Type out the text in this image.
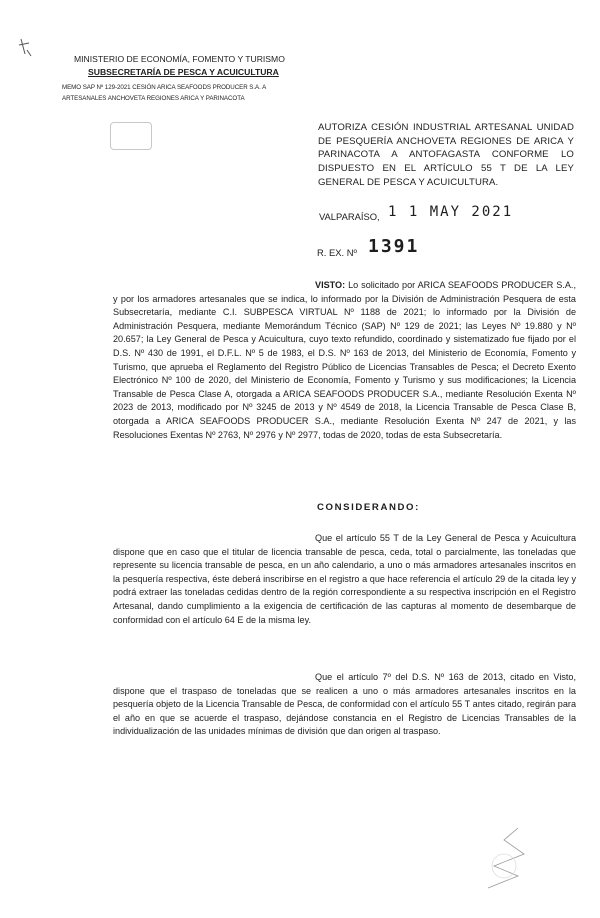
MINISTERIO DE ECONOMÍA, FOMENTO Y TURISMO
SUBSECRETARÍA DE PESCA Y ACUICULTURA
MEMO SAP Nº 129-2021 CESIÓN ARICA SEAFOODS PRODUCER S.A. A
ARTESANALES ANCHOVETA REGIONES ARICA Y PARINACOTA
AUTORIZA CESIÓN INDUSTRIAL ARTESANAL UNIDAD DE PESQUERÍA ANCHOVETA REGIONES DE ARICA Y PARINACOTA A ANTOFAGASTA CONFORME LO DISPUESTO EN EL ARTÍCULO 55 T DE LA LEY GENERAL DE PESCA Y ACUICULTURA.
VALPARAÍSO, 1 1 MAY 2021
R. EX. Nº 1391
VISTO: Lo solicitado por ARICA SEAFOODS PRODUCER S.A., y por los armadores artesanales que se indica, lo informado por la División de Administración Pesquera de esta Subsecretaría, mediante C.I. SUBPESCA VIRTUAL Nº 1188 de 2021; lo informado por la División de Administración Pesquera, mediante Memorándum Técnico (SAP) Nº 129 de 2021; las Leyes Nº 19.880 y Nº 20.657; la Ley General de Pesca y Acuicultura, cuyo texto refundido, coordinado y sistematizado fue fijado por el D.S. Nº 430 de 1991, el D.F.L. Nº 5 de 1983, el D.S. Nº 163 de 2013, del Ministerio de Economía, Fomento y Turismo, que aprueba el Reglamento del Registro Público de Licencias Transables de Pesca; el Decreto Exento Electrónico Nº 100 de 2020, del Ministerio de Economía, Fomento y Turismo y sus modificaciones; la Licencia Transable de Pesca Clase A, otorgada a ARICA SEAFOODS PRODUCER S.A., mediante Resolución Exenta Nº 2023 de 2013, modificado por Nº 3245 de 2013 y Nº 4549 de 2018, la Licencia Transable de Pesca Clase B, otorgada a ARICA SEAFOODS PRODUCER S.A., mediante Resolución Exenta Nº 247 de 2021, y las Resoluciones Exentas Nº 2763, Nº 2976 y Nº 2977, todas de 2020, todas de esta Subsecretaría.
CONSIDERANDO:
Que el artículo 55 T de la Ley General de Pesca y Acuicultura dispone que en caso que el titular de licencia transable de pesca, ceda, total o parcialmente, las toneladas que represente su licencia transable de pesca, en un año calendario, a uno o más armadores artesanales inscritos en la pesquería respectiva, éste deberá inscribirse en el registro a que hace referencia el artículo 29 de la citada ley y podrá extraer las toneladas cedidas dentro de la región correspondiente a su respectiva inscripción en el Registro Artesanal, dando cumplimiento a la exigencia de certificación de las capturas al momento de desembarque de conformidad con el artículo 64 E de la misma ley.
Que el artículo 7º del D.S. Nº 163 de 2013, citado en Visto, dispone que el traspaso de toneladas que se realicen a uno o más armadores artesanales inscritos en la pesquería objeto de la Licencia Transable de Pesca, de conformidad con el artículo 55 T antes citado, regirán para el año en que se acuerde el traspaso, dejándose constancia en el Registro de Licencias Transables de la individualización de las unidades mínimas de división que dan origen al traspaso.
